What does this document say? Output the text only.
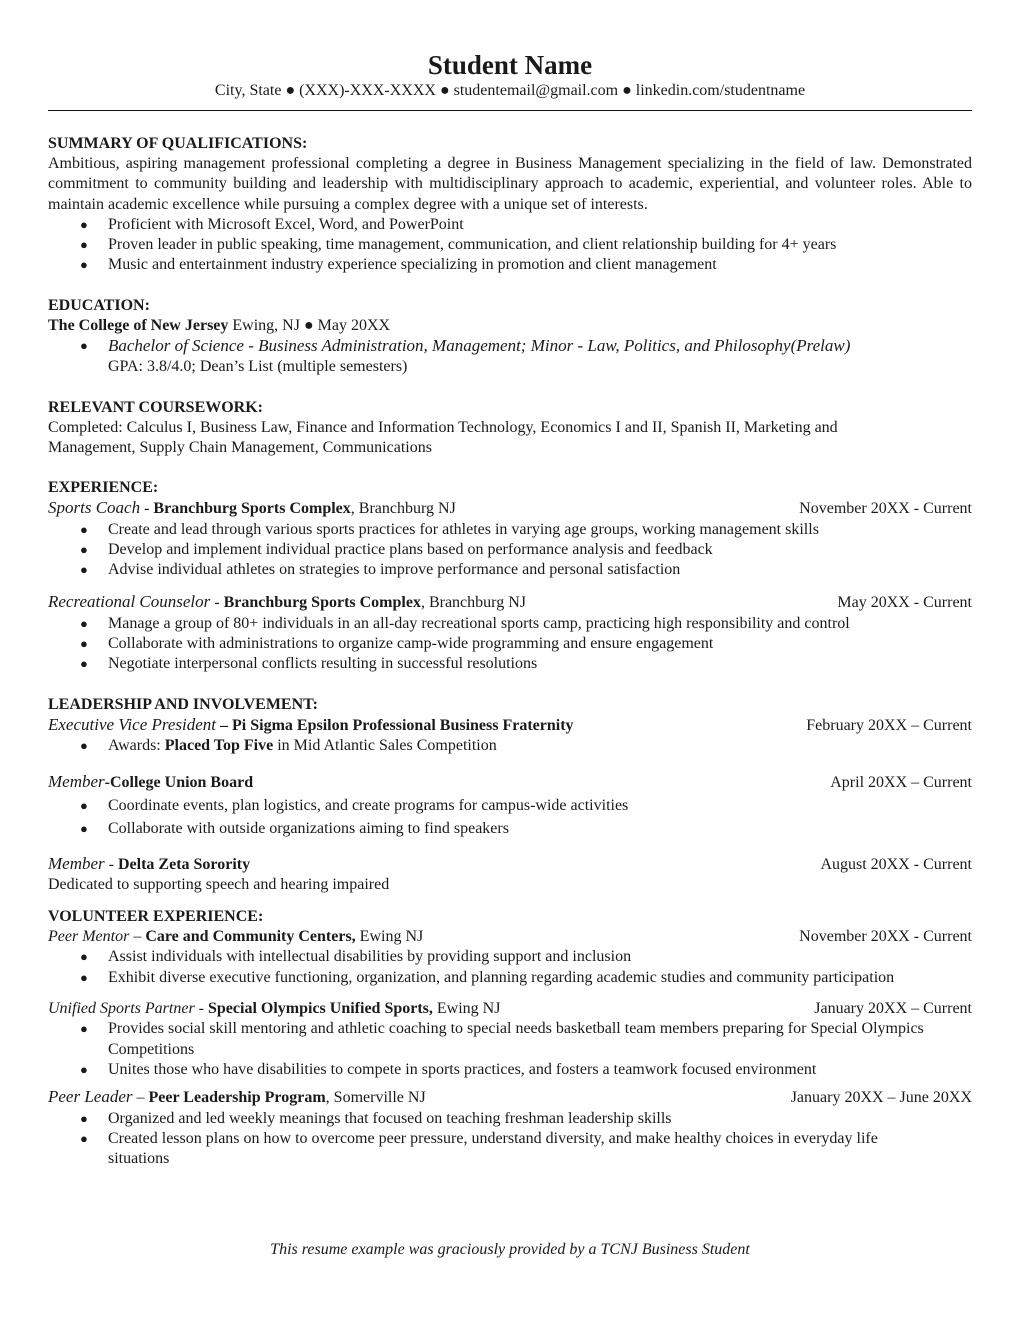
Student Name
City, State ● (XXX)-XXX-XXXX ● studentemail@gmail.com ● linkedin.com/studentname
SUMMARY OF QUALIFICATIONS:
Ambitious, aspiring management professional completing a degree in Business Management specializing in the field of law. Demonstrated commitment to community building and leadership with multidisciplinary approach to academic, experiential, and volunteer roles. Able to maintain academic excellence while pursuing a complex degree with a unique set of interests.
● Proficient with Microsoft Excel, Word, and PowerPoint
● Proven leader in public speaking, time management, communication, and client relationship building for 4+ years
● Music and entertainment industry experience specializing in promotion and client management
EDUCATION:
The College of New Jersey Ewing, NJ ● May 20XX
● Bachelor of Science - Business Administration, Management; Minor - Law, Politics, and Philosophy(Prelaw)
GPA: 3.8/4.0; Dean’s List (multiple semesters)
RELEVANT COURSEWORK:
Completed: Calculus I, Business Law, Finance and Information Technology, Economics I and II, Spanish II, Marketing and Management, Supply Chain Management, Communications
EXPERIENCE:
Sports Coach - Branchburg Sports Complex, Branchburg NJ	November 20XX - Current
● Create and lead through various sports practices for athletes in varying age groups, working management skills
● Develop and implement individual practice plans based on performance analysis and feedback
● Advise individual athletes on strategies to improve performance and personal satisfaction
Recreational Counselor - Branchburg Sports Complex, Branchburg NJ	May 20XX - Current
● Manage a group of 80+ individuals in an all-day recreational sports camp, practicing high responsibility and control
● Collaborate with administrations to organize camp-wide programming and ensure engagement
● Negotiate interpersonal conflicts resulting in successful resolutions
LEADERSHIP AND INVOLVEMENT:
Executive Vice President – Pi Sigma Epsilon Professional Business Fraternity	February 20XX – Current
● Awards: Placed Top Five in Mid Atlantic Sales Competition
Member-College Union Board	April 20XX – Current
● Coordinate events, plan logistics, and create programs for campus-wide activities
● Collaborate with outside organizations aiming to find speakers
Member - Delta Zeta Sorority	August 20XX - Current
Dedicated to supporting speech and hearing impaired
VOLUNTEER EXPERIENCE:
Peer Mentor – Care and Community Centers, Ewing NJ	November 20XX - Current
● Assist individuals with intellectual disabilities by providing support and inclusion
● Exhibit diverse executive functioning, organization, and planning regarding academic studies and community participation
Unified Sports Partner - Special Olympics Unified Sports, Ewing NJ	January 20XX – Current
● Provides social skill mentoring and athletic coaching to special needs basketball team members preparing for Special Olympics Competitions
● Unites those who have disabilities to compete in sports practices, and fosters a teamwork focused environment
Peer Leader – Peer Leadership Program, Somerville NJ	January 20XX – June 20XX
● Organized and led weekly meanings that focused on teaching freshman leadership skills
● Created lesson plans on how to overcome peer pressure, understand diversity, and make healthy choices in everyday life situations
This resume example was graciously provided by a TCNJ Business Student
